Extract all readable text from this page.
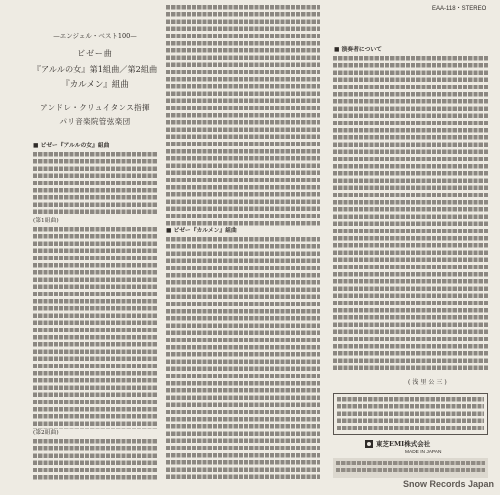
EAA-118・STEREO
—エンジェル・ベスト100—
ビゼー曲
『アルルの女』第1組曲／第2組曲
『カルメン』組曲
アンドレ・クリュイタンス指揮
パリ音楽院管弦楽団
■ ビゼー『アルルの女』組曲
(第1組曲)
(第2組曲)
■ ビゼー『カルメン』組曲
■ 演奏者について
(浅里公三)
東芝EMI株式会社
MADE IN JAPAN
Snow Records Japan
